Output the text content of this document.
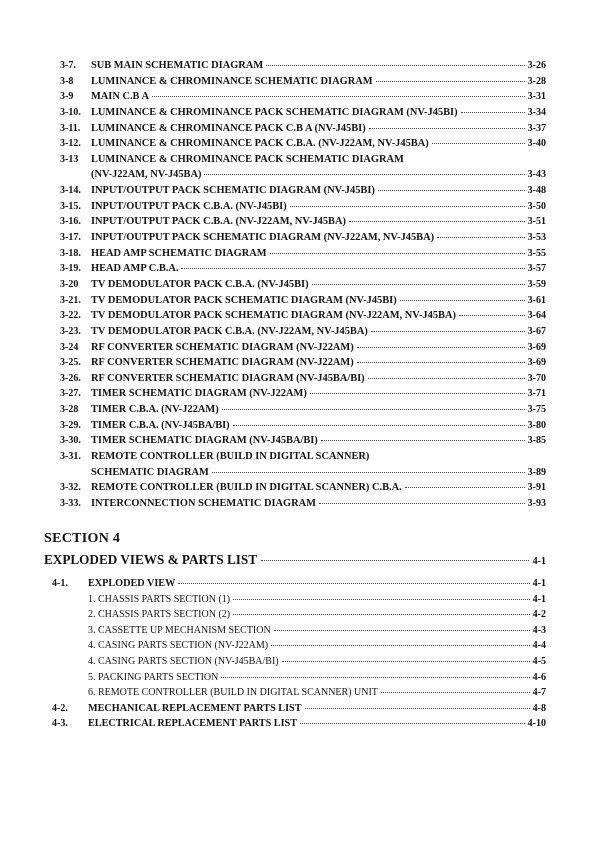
3-7.	SUB MAIN SCHEMATIC DIAGRAM	3-26
3-8	LUMINANCE & CHROMINANCE SCHEMATIC DIAGRAM	3-28
3-9	MAIN C.B A	3-31
3-10. LUMINANCE & CHROMINANCE PACK SCHEMATIC DIAGRAM (NV-J45BI)	3-34
3-11.	LUMINANCE & CHROMINANCE PACK C.B A (NV-J45BI)	3-37
3-12. LUMINANCE & CHROMINANCE PACK C.B.A. (NV-J22AM, NV-J45BA)	3-40
3-13	LUMINANCE & CHROMINANCE PACK SCHEMATIC DIAGRAM
(NV-J22AM, NV-J45BA)	3-43
3-14. INPUT/OUTPUT PACK SCHEMATIC DIAGRAM (NV-J45BI)	3-48
3-15. INPUT/OUTPUT PACK C.B.A. (NV-J45BI)	3-50
3-16. INPUT/OUTPUT PACK C.B.A. (NV-J22AM, NV-J45BA)	3-51
3-17. INPUT/OUTPUT PACK SCHEMATIC DIAGRAM (NV-J22AM, NV-J45BA)	3-53
3-18. HEAD AMP SCHEMATIC DIAGRAM	3-55
3-19. HEAD AMP C.B.A.	3-57
3-20	TV DEMODULATOR PACK C.B.A. (NV-J45BI)	3-59
3-21. TV DEMODULATOR PACK SCHEMATIC DIAGRAM (NV-J45BI)	3-61
3-22. TV DEMODULATOR PACK SCHEMATIC DIAGRAM (NV-J22AM, NV-J45BA)	3-64
3-23. TV DEMODULATOR PACK C.B.A. (NV-J22AM, NV-J45BA)	3-67
3-24	RF CONVERTER SCHEMATIC DIAGRAM (NV-J22AM)	3-69
3-25. RF CONVERTER SCHEMATIC DIAGRAM (NV-J22AM)	3-69
3-26. RF CONVERTER SCHEMATIC DIAGRAM (NV-J45BA/BI)	3-70
3-27. TIMER SCHEMATIC DIAGRAM (NV-J22AM)	3-71
3-28	TIMER C.B.A. (NV-J22AM)	3-75
3-29. TIMER C.B.A. (NV-J45BA/BI)	3-80
3-30. TIMER SCHEMATIC DIAGRAM (NV-J45BA/BI)	3-85
3-31. REMOTE CONTROLLER (BUILD IN DIGITAL SCANNER)
SCHEMATIC DIAGRAM	3-89
3-32. REMOTE CONTROLLER (BUILD IN DIGITAL SCANNER) C.B.A.	3-91
3-33. INTERCONNECTION SCHEMATIC DIAGRAM	3-93
SECTION 4
EXPLODED VIEWS & PARTS LIST	4-1
4-1.	EXPLODED VIEW	4-1
1. CHASSIS PARTS SECTION (1)	4-1
2. CHASSIS PARTS SECTION (2)	4-2
3. CASSETTE UP MECHANISM SECTION	4-3
4. CASING PARTS SECTION (NV-J22AM)	4-4
4. CASING PARTS SECTION (NV-J45BA/BI)	4-5
5. PACKING PARTS SECTION	4-6
6. REMOTE CONTROLLER (BUILD IN DIGITAL SCANNER) UNIT	4-7
4-2.	MECHANICAL REPLACEMENT PARTS LIST	4-8
4-3.	ELECTRICAL REPLACEMENT PARTS LIST	4-10
